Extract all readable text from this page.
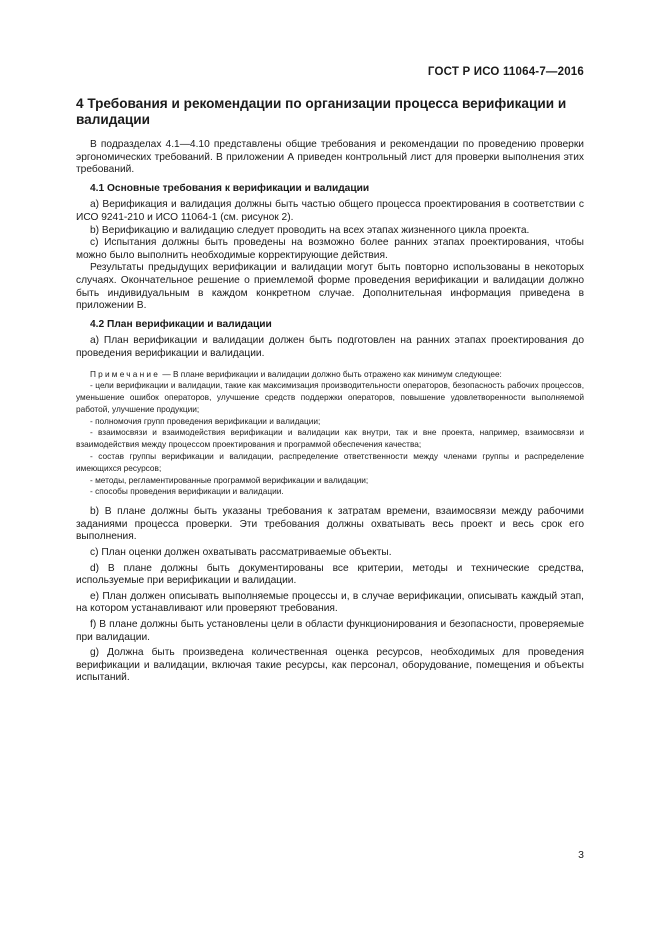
ГОСТ Р ИСО 11064-7—2016
4 Требования и рекомендации по организации процесса верификации и валидации

В подразделах 4.1—4.10 представлены общие требования и рекомендации по проведению проверки эргономических требований. В приложении А приведен контрольный лист для проверки выполнения этих требований.

4.1 Основные требования к верификации и валидации

а) Верификация и валидация должны быть частью общего процесса проектирования в соответствии с ИСО 9241-210 и ИСО 11064-1 (см. рисунок 2).

b) Верификацию и валидацию следует проводить на всех этапах жизненного цикла проекта.

с) Испытания должны быть проведены на возможно более ранних этапах проектирования, чтобы можно было выполнить необходимые корректирующие действия.

Результаты предыдущих верификации и валидации могут быть повторно использованы в некоторых случаях. Окончательное решение о приемлемой форме проведения верификации и валидации должно быть индивидуальным в каждом конкретном случае. Дополнительная информация приведена в приложении В.

4.2 План верификации и валидации

а) План верификации и валидации должен быть подготовлен на ранних этапах проектирования до проведения верификации и валидации.

Примечание — В плане верификации и валидации должно быть отражено как минимум следующее:

- цели верификации и валидации, такие как максимизация производительности операторов, безопасность рабочих процессов, уменьшение ошибок операторов, улучшение средств поддержки операторов, повышение удовлетворенности выполняемой работой, улучшение продукции;

- полномочия групп проведения верификации и валидации;

- взаимосвязи и взаимодействия верификации и валидации как внутри, так и вне проекта, например, взаимосвязи и взаимодействия между процессом проектирования и программой обеспечения качества;

- состав группы верификации и валидации, распределение ответственности между членами группы и распределение имеющихся ресурсов;

- методы, регламентированные программой верификации и валидации;

- способы проведения верификации и валидации.

b) В плане должны быть указаны требования к затратам времени, взаимосвязи между рабочими заданиями процесса проверки. Эти требования должны охватывать весь проект и весь срок его выполнения.

с) План оценки должен охватывать рассматриваемые объекты.

d) В плане должны быть документированы все критерии, методы и технические средства, используемые при верификации и валидации.

е) План должен описывать выполняемые процессы и, в случае верификации, описывать каждый этап, на котором устанавливают или проверяют требования.

f) В плане должны быть установлены цели в области функционирования и безопасности, проверяемые при валидации.

g) Должна быть произведена количественная оценка ресурсов, необходимых для проведения верификации и валидации, включая такие ресурсы, как персонал, оборудование, помещения и объекты испытаний.

3
